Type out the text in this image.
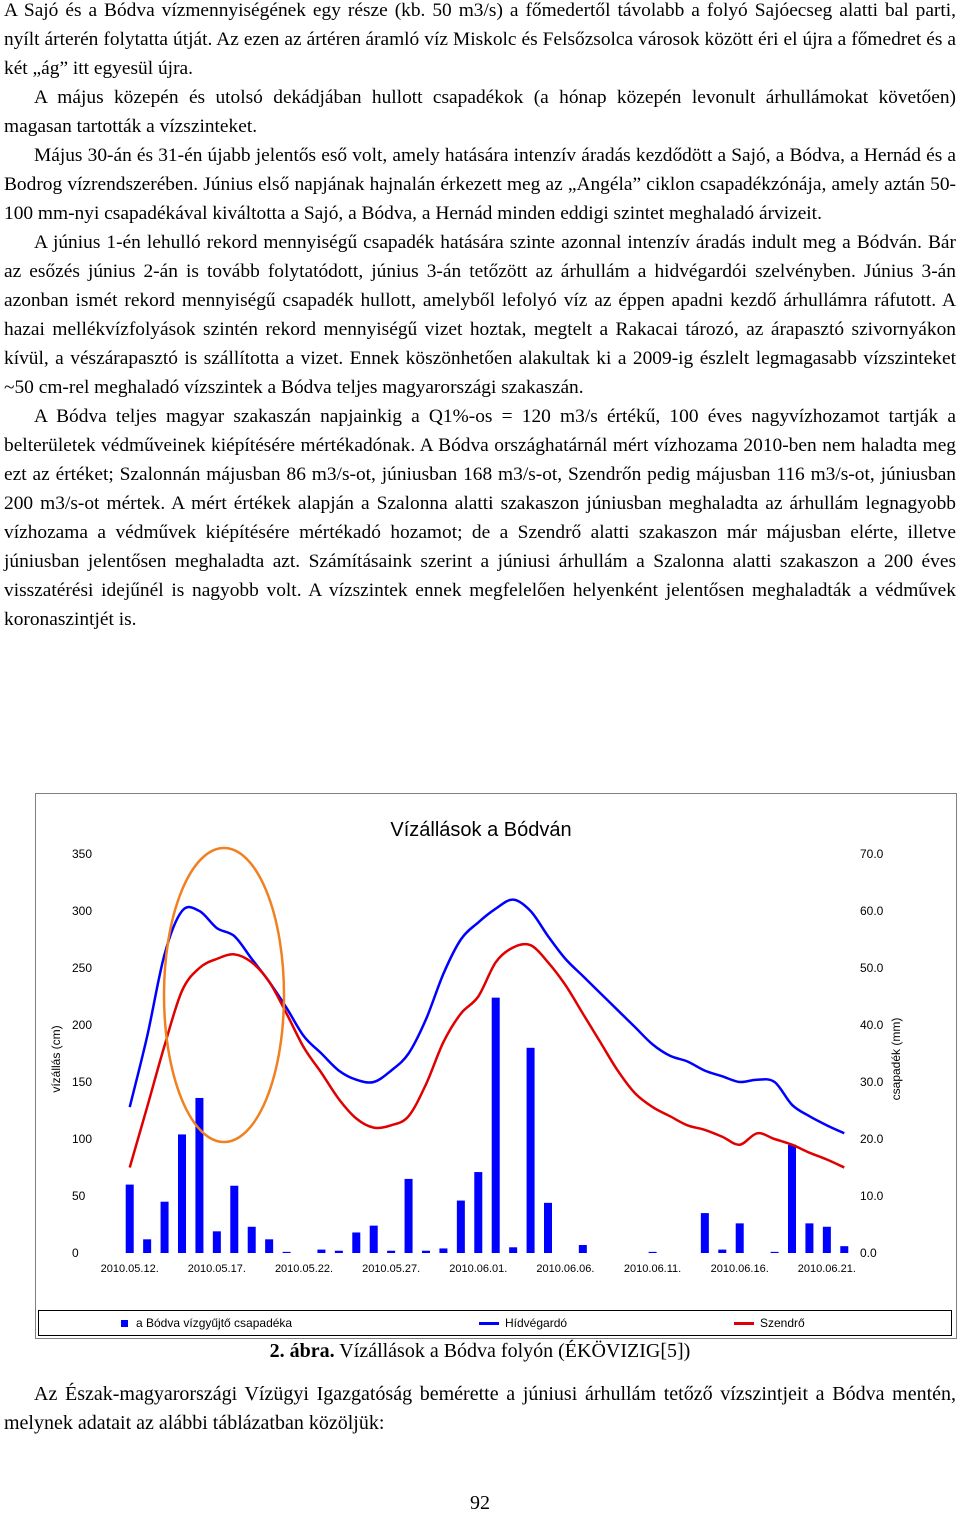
A Sajó és a Bódva vízmennyiségének egy része (kb. 50 m3/s) a főmedertől távolabb a folyó Sajóecseg alatti bal parti, nyílt árterén folytatta útját. Az ezen az ártéren áramló víz Miskolc és Felsőzsolca városok között éri el újra a főmedret és a két „ág” itt egyesül újra.

A május közepén és utolsó dekádjában hullott csapadékok (a hónap közepén levonult árhullámokat követően) magasan tartották a vízszinteket.

Május 30-án és 31-én újabb jelentős eső volt, amely hatására intenzív áradás kezdődött a Sajó, a Bódva, a Hernád és a Bodrog vízrendszerében. Június első napjának hajnalán érkezett meg az „Angéla” ciklon csapadékzónája, amely aztán 50-100 mm-nyi csapadékával kiváltotta a Sajó, a Bódva, a Hernád minden eddigi szintet meghaladó árvizeit.

A június 1-én lehulló rekord mennyiségű csapadék hatására szinte azonnal intenzív áradás indult meg a Bódván. Bár az esőzés június 2-án is tovább folytatódott, június 3-án tetőzött az árhullám a hidvégardói szelvényben. Június 3-án azonban ismét rekord mennyiségű csapadék hullott, amelyből lefolyó víz az éppen apadni kezdő árhullámra ráfutott. A hazai mellékvízfolyások szintén rekord mennyiségű vizet hoztak, megtelt a Rakacai tározó, az árapasztó szivornyákon kívül, a vészárapasztó is szállította a vizet. Ennek köszönhetően alakultak ki a 2009-ig észlelt legmagasabb vízszinteket ~50 cm-rel meghaladó vízszintek a Bódva teljes magyarországi szakaszán.

A Bódva teljes magyar szakaszán napjainkig a Q1%-os = 120 m3/s értékű, 100 éves nagyvízhozamot tartják a belterületek védműveinek kiépítésére mértékadónak. A Bódva országhatárnál mért vízhozama 2010-ben nem haladta meg ezt az értéket; Szalonnán májusban 86 m3/s-ot, júniusban 168 m3/s-ot, Szendrőn pedig májusban 116 m3/s-ot, júniusban 200 m3/s-ot mértek. A mért értékek alapján a Szalonna alatti szakaszon júniusban meghaladta az árhullám legnagyobb vízhozama a védművek kiépítésére mértékadó hozamot; de a Szendrő alatti szakaszon már májusban elérte, illetve júniusban jelentősen meghaladta azt. Számításaink szerint a júniusi árhullám a Szalonna alatti szakaszon a 200 éves visszatérési idejűnél is nagyobb volt. A vízszintek ennek megfelelően helyenként jelentősen meghaladták a védművek koronaszintjét is.

Vízállások a Bódván
vízállás (cm)	csapadék (mm)
0
50
100
150
200
250
300
350
0.0
10.0
20.0
30.0
40.0
50.0
60.0
70.0
2010.05.12.	2010.05.17.	2010.05.22.	2010.05.27.	2010.06.01.	2010.06.06.	2010.06.11.	2010.06.16.	2010.06.21.
a Bódva vízgyűjtő csapadéka	Hídvégardó	Szendrő
2. ábra. Vízállások a Bódva folyón (ÉKÖVIZIG[5])

Az Észak-magyarországi Vízügyi Igazgatóság bemérette a júniusi árhullám tetőző vízszintjeit a Bódva mentén, melynek adatait az alábbi táblázatban közöljük:

92
